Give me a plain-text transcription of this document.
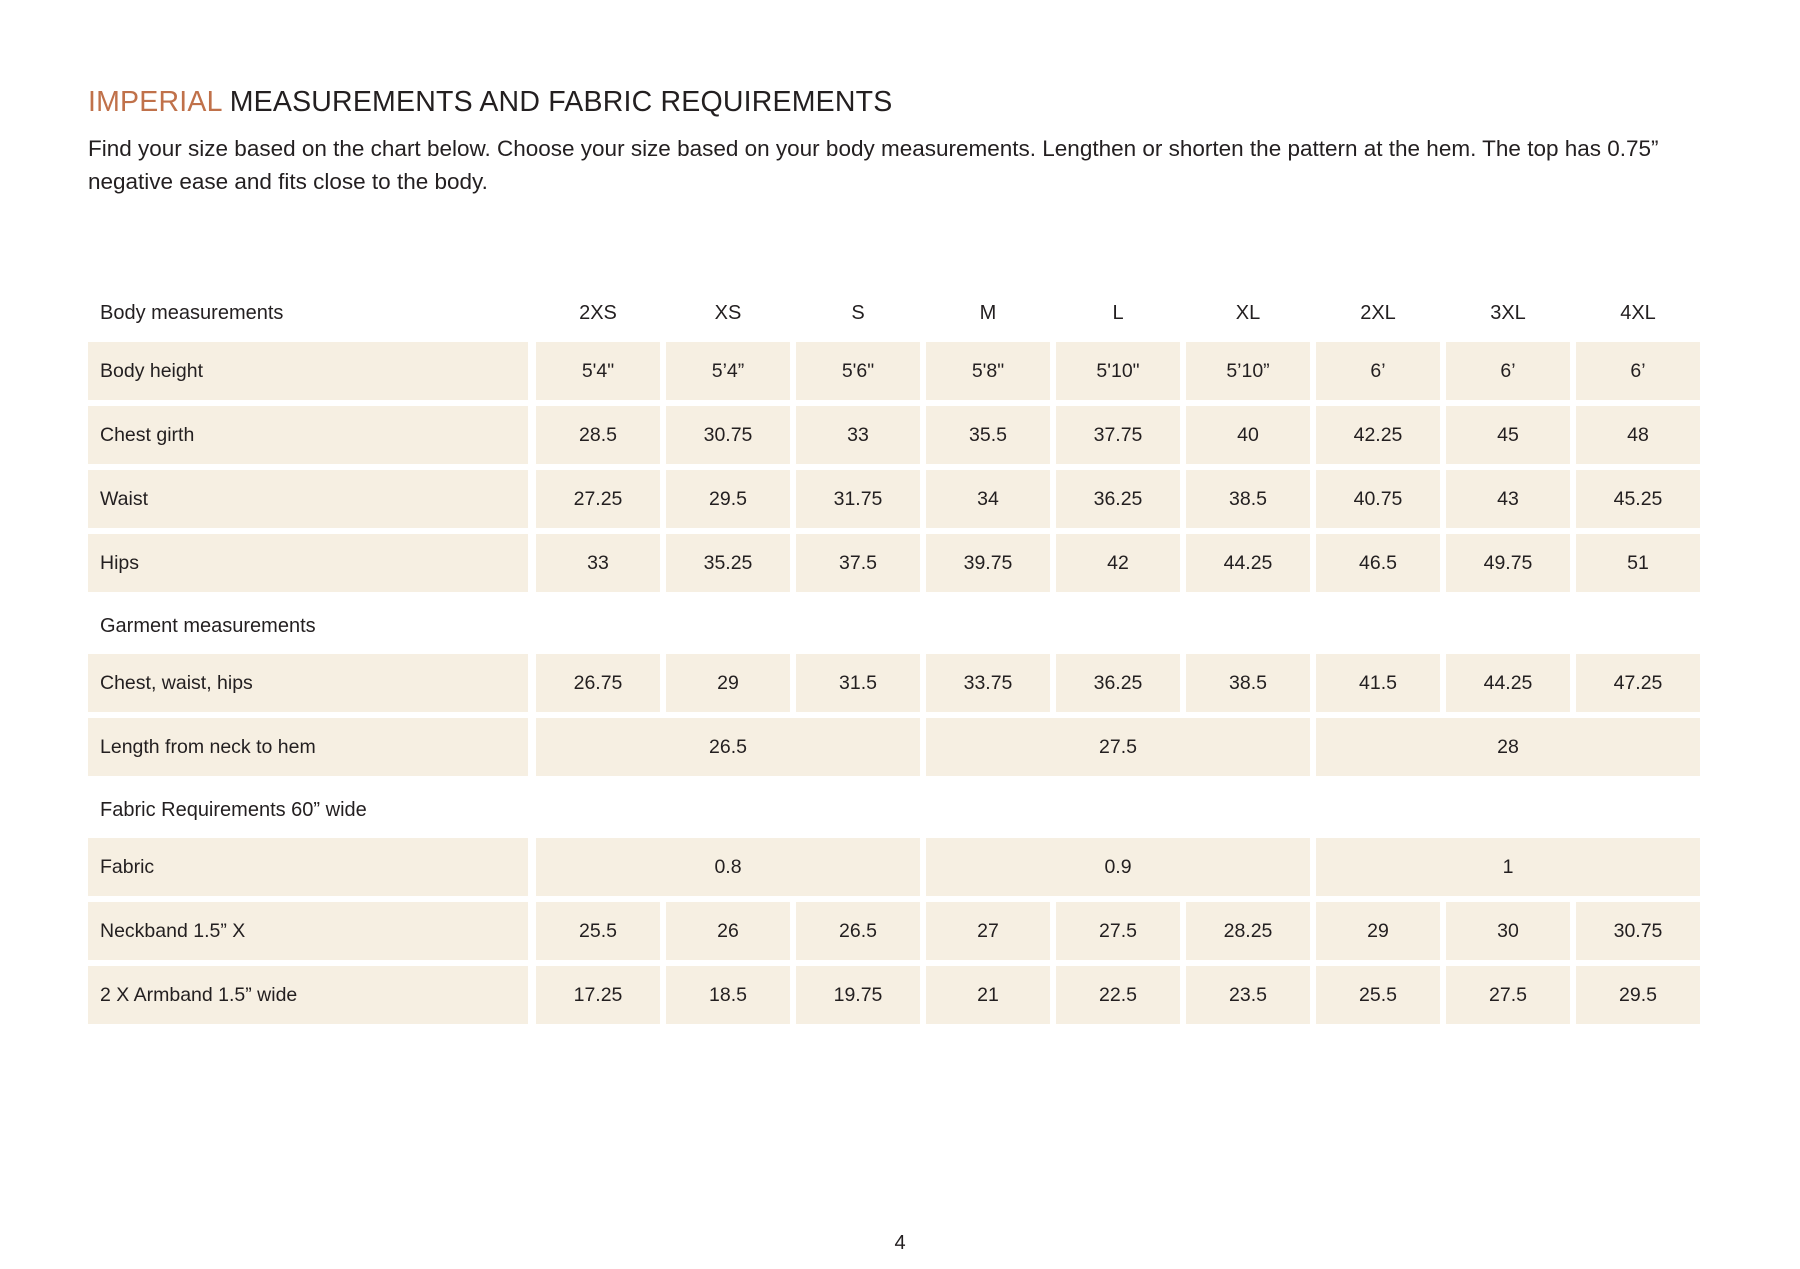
IMPERIAL MEASUREMENTS AND FABRIC REQUIREMENTS
Find your size based on the chart below. Choose your size based on your body measurements. Lengthen or shorten the pattern at the hem. The top has 0.75” negative ease and fits close to the body.
Body measurements	2XS	XS	S	M	L	XL	2XL	3XL	4XL
Body height	5'4"	5’4”	5'6"	5'8"	5'10"	5’10”	6’	6’	6’
Chest girth	28.5	30.75	33	35.5	37.75	40	42.25	45	48
Waist	27.25	29.5	31.75	34	36.25	38.5	40.75	43	45.25
Hips	33	35.25	37.5	39.75	42	44.25	46.5	49.75	51
Garment measurements
Chest, waist, hips	26.75	29	31.5	33.75	36.25	38.5	41.5	44.25	47.25
Length from neck to hem	26.5	27.5	28
Fabric Requirements 60” wide
Fabric	0.8	0.9	1
Neckband 1.5” X	25.5	26	26.5	27	27.5	28.25	29	30	30.75
2 X Armband 1.5” wide	17.25	18.5	19.75	21	22.5	23.5	25.5	27.5	29.5
4
